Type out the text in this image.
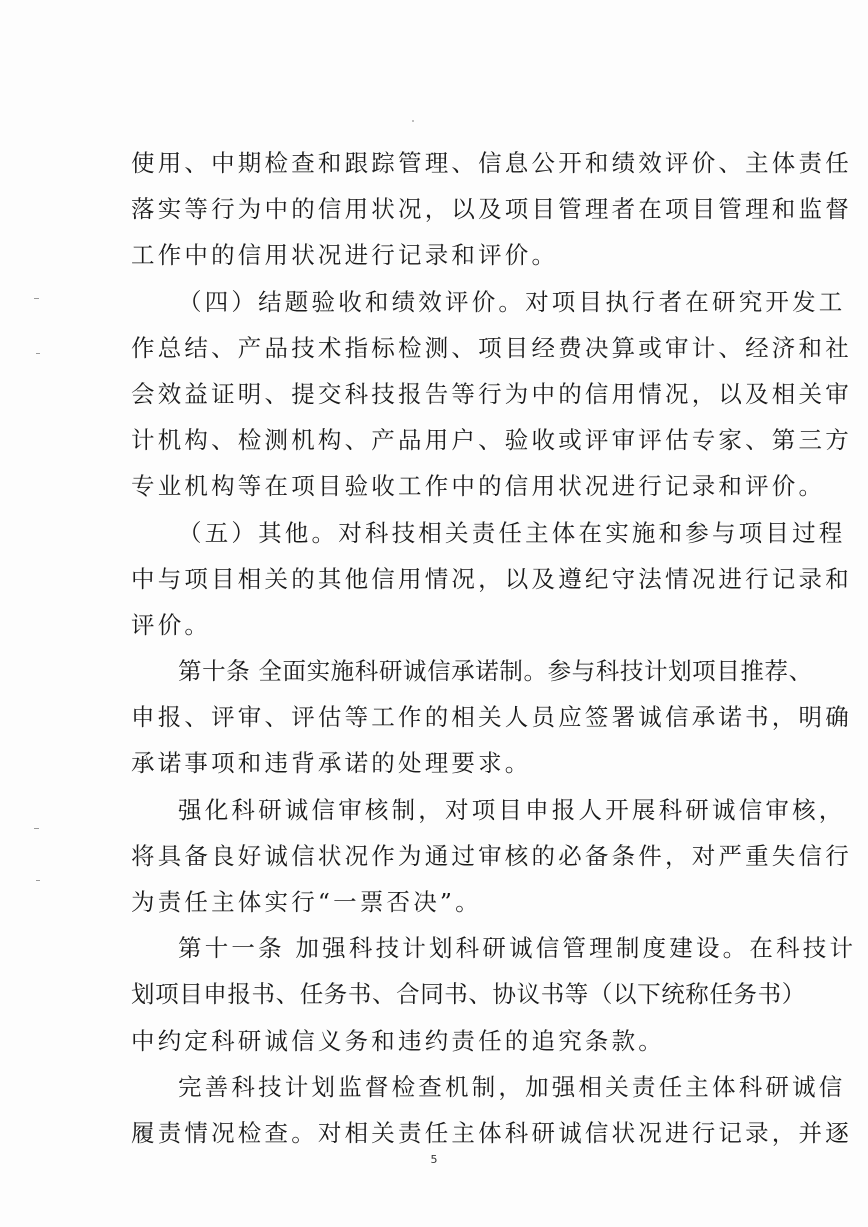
使用、中期检查和跟踪管理、信息公开和绩效评价、主体责任
落实等行为中的信用状况，以及项目管理者在项目管理和监督
工作中的信用状况进行记录和评价。
（四）结题验收和绩效评价。对项目执行者在研究开发工
作总结、产品技术指标检测、项目经费决算或审计、经济和社
会效益证明、提交科技报告等行为中的信用情况，以及相关审
计机构、检测机构、产品用户、验收或评审评估专家、第三方
专业机构等在项目验收工作中的信用状况进行记录和评价。
（五）其他。对科技相关责任主体在实施和参与项目过程
中与项目相关的其他信用情况，以及遵纪守法情况进行记录和
评价。
第十条 全面实施科研诚信承诺制。参与科技计划项目推荐、
申报、评审、评估等工作的相关人员应签署诚信承诺书，明确
承诺事项和违背承诺的处理要求。
强化科研诚信审核制，对项目申报人开展科研诚信审核，
将具备良好诚信状况作为通过审核的必备条件，对严重失信行
为责任主体实行“一票否决”。
第十一条 加强科技计划科研诚信管理制度建设。在科技计
划项目申报书、任务书、合同书、协议书等（以下统称任务书）
中约定科研诚信义务和违约责任的追究条款。
完善科技计划监督检查机制，加强相关责任主体科研诚信
履责情况检查。对相关责任主体科研诚信状况进行记录，并逐
5
